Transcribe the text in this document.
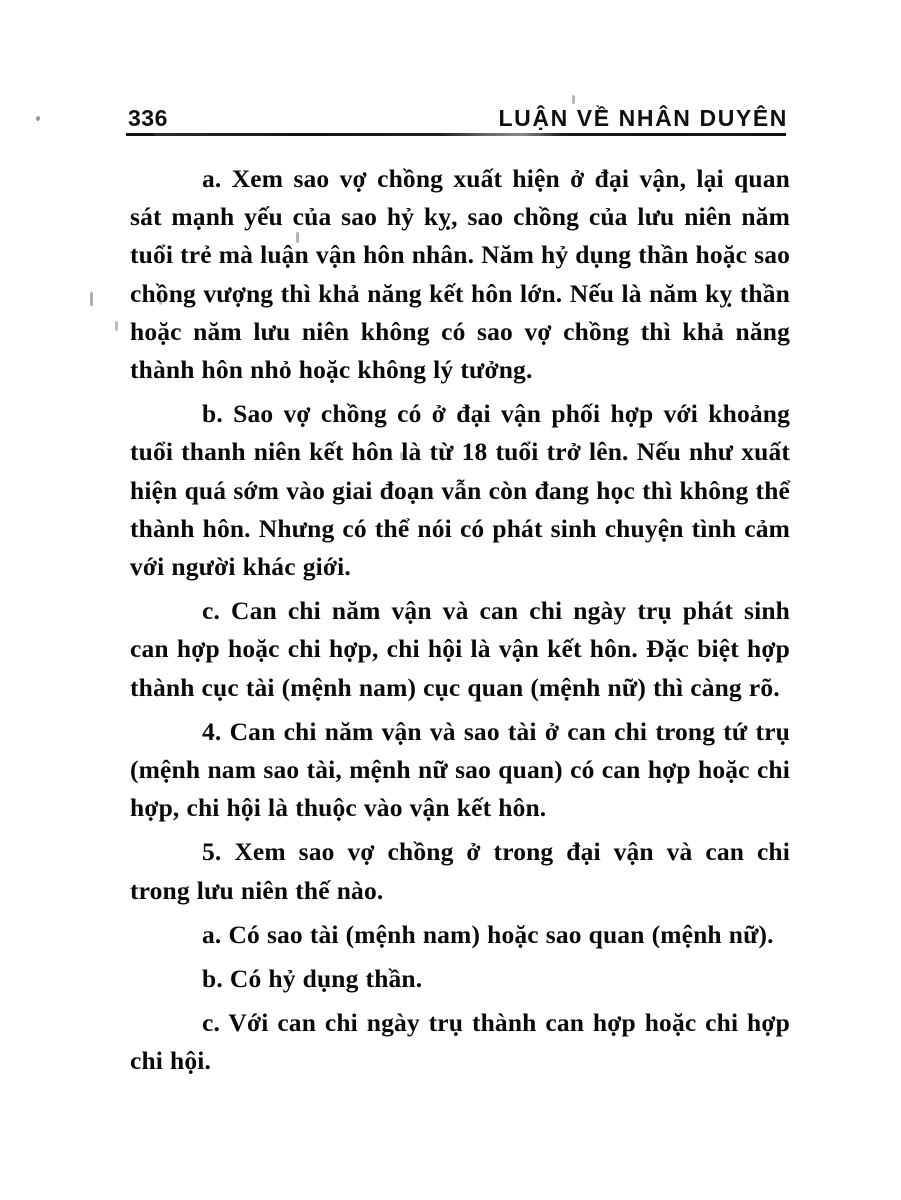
336	LUẬN VỀ NHÂN DUYÊN

a. Xem sao vợ chồng xuất hiện ở đại vận, lại quan sát mạnh yếu của sao hỷ kỵ, sao chồng của lưu niên năm tuổi trẻ mà luận vận hôn nhân. Năm hỷ dụng thần hoặc sao chồng vượng thì khả năng kết hôn lớn. Nếu là năm kỵ thần hoặc năm lưu niên không có sao vợ chồng thì khả năng thành hôn nhỏ hoặc không lý tưởng.

b. Sao vợ chồng có ở đại vận phối hợp với khoảng tuổi thanh niên kết hôn là từ 18 tuổi trở lên. Nếu như xuất hiện quá sớm vào giai đoạn vẫn còn đang học thì không thể thành hôn. Nhưng có thể nói có phát sinh chuyện tình cảm với người khác giới.

c. Can chi năm vận và can chi ngày trụ phát sinh can hợp hoặc chi hợp, chi hội là vận kết hôn. Đặc biệt hợp thành cục tài (mệnh nam) cục quan (mệnh nữ) thì càng rõ.

4. Can chi năm vận và sao tài ở can chi trong tứ trụ (mệnh nam sao tài, mệnh nữ sao quan) có can hợp hoặc chi hợp, chi hội là thuộc vào vận kết hôn.

5. Xem sao vợ chồng ở trong đại vận và can chi trong lưu niên thế nào.

a. Có sao tài (mệnh nam) hoặc sao quan (mệnh nữ).

b. Có hỷ dụng thần.

c. Với can chi ngày trụ thành can hợp hoặc chi hợp chi hội.
